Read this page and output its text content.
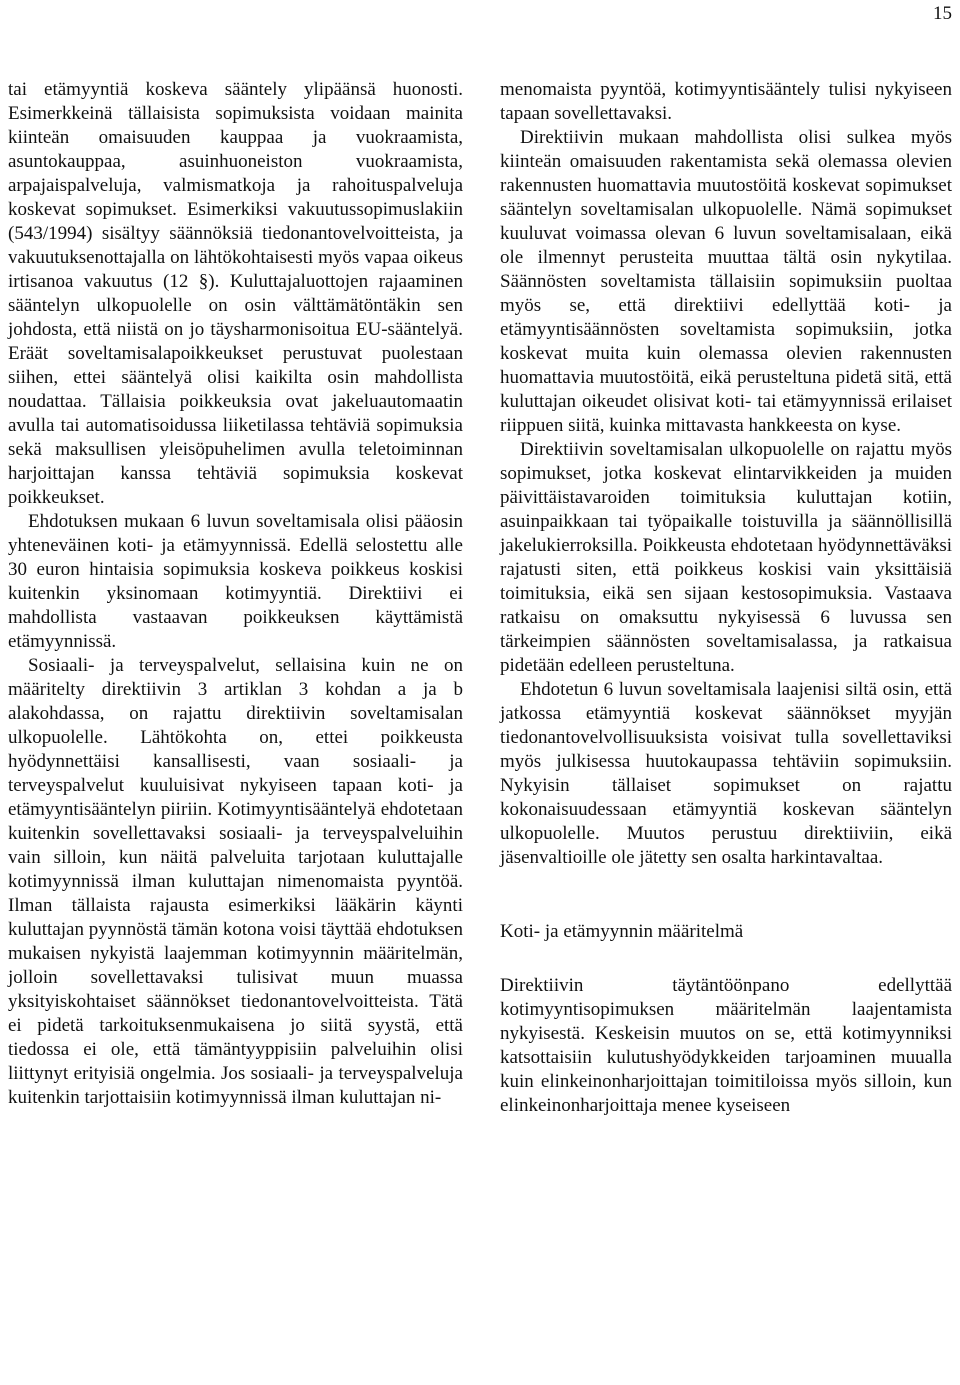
15

tai etämyyntiä koskeva sääntely ylipäänsä huonosti. Esimerkkeinä tällaisista sopimuksista voidaan mainita kiinteän omaisuuden kauppaa ja vuokraamista, asuntokauppaa, asuinhuoneiston vuokraamista, arpajaispalveluja, valmismatkoja ja rahoituspalveluja koskevat sopimukset. Esimerkiksi vakuutussopimuslakiin (543/1994) sisältyy säännöksiä tiedonantovelvoitteista, ja vakuutuksenottajalla on lähtökohtaisesti myös vapaa oikeus irtisanoa vakuutus (12 §). Kuluttajaluottojen rajaaminen sääntelyn ulkopuolelle on osin välttämätöntäkin sen johdosta, että niistä on jo täysharmonisoitua EU-sääntelyä. Eräät soveltamisalapoikkeukset perustuvat puolestaan siihen, ettei sääntelyä olisi kaikilta osin mahdollista noudattaa. Tällaisia poikkeuksia ovat jakeluautomaatin avulla tai automatisoidussa liiketilassa tehtäviä sopimuksia sekä maksullisen yleisöpuhelimen avulla teletoiminnan harjoittajan kanssa tehtäviä sopimuksia koskevat poikkeukset.

Ehdotuksen mukaan 6 luvun soveltamisala olisi pääosin yhteneväinen koti- ja etämyynnissä. Edellä selostettu alle 30 euron hintaisia sopimuksia koskeva poikkeus koskisi kuitenkin yksinomaan kotimyyntiä. Direktiivi ei mahdollista vastaavan poikkeuksen käyttämistä etämyynnissä.

Sosiaali- ja terveyspalvelut, sellaisina kuin ne on määritelty direktiivin 3 artiklan 3 kohdan a ja b alakohdassa, on rajattu direktiivin soveltamisalan ulkopuolelle. Lähtökohta on, ettei poikkeusta hyödynnettäisi kansallisesti, vaan sosiaali- ja terveyspalvelut kuuluisivat nykyiseen tapaan koti- ja etämyyntisääntelyn piiriin. Kotimyyntisääntelyä ehdotetaan kuitenkin sovellettavaksi sosiaali- ja terveyspalveluihin vain silloin, kun näitä palveluita tarjotaan kuluttajalle kotimyynnissä ilman kuluttajan nimenomaista pyyntöä. Ilman tällaista rajausta esimerkiksi lääkärin käynti kuluttajan pyynnöstä tämän kotona voisi täyttää ehdotuksen mukaisen nykyistä laajemman kotimyynnin määritelmän, jolloin sovellettavaksi tulisivat muun muassa yksityiskohtaiset säännökset tiedonantovelvoitteista. Tätä ei pidetä tarkoituksenmukaisena jo siitä syystä, että tiedossa ei ole, että tämäntyyppisiin palveluihin olisi liittynyt erityisiä ongelmia. Jos sosiaali- ja terveyspalveluja kuitenkin tarjottaisiin kotimyynnissä ilman kuluttajan ni-

menomaista pyyntöä, kotimyyntisääntely tulisi nykyiseen tapaan sovellettavaksi.

Direktiivin mukaan mahdollista olisi sulkea myös kiinteän omaisuuden rakentamista sekä olemassa olevien rakennusten huomattavia muutostöitä koskevat sopimukset sääntelyn soveltamisalan ulkopuolelle. Nämä sopimukset kuuluvat voimassa olevan 6 luvun soveltamisalaan, eikä ole ilmennyt perusteita muuttaa tältä osin nykytilaa. Säännösten soveltamista tällaisiin sopimuksiin puoltaa myös se, että direktiivi edellyttää koti- ja etämyyntisäännösten soveltamista sopimuksiin, jotka koskevat muita kuin olemassa olevien rakennusten huomattavia muutostöitä, eikä perusteltuna pidetä sitä, että kuluttajan oikeudet olisivat koti- tai etämyynnissä erilaiset riippuen siitä, kuinka mittavasta hankkeesta on kyse.

Direktiivin soveltamisalan ulkopuolelle on rajattu myös sopimukset, jotka koskevat elintarvikkeiden ja muiden päivittäistavaroiden toimituksia kuluttajan kotiin, asuinpaikkaan tai työpaikalle toistuvilla ja säännöllisillä jakelukierroksilla. Poikkeusta ehdotetaan hyödynnettäväksi rajatusti siten, että poikkeus koskisi vain yksittäisiä toimituksia, eikä sen sijaan kestosopimuksia. Vastaava ratkaisu on omaksuttu nykyisessä 6 luvussa sen tärkeimpien säännösten soveltamisalassa, ja ratkaisua pidetään edelleen perusteltuna.

Ehdotetun 6 luvun soveltamisala laajenisi siltä osin, että jatkossa etämyyntiä koskevat säännökset myyjän tiedonantovelvollisuuksista voisivat tulla sovellettaviksi myös julkisessa huutokaupassa tehtäviin sopimuksiin. Nykyisin tällaiset sopimukset on rajattu kokonaisuudessaan etämyyntiä koskevan sääntelyn ulkopuolelle. Muutos perustuu direktiiviin, eikä jäsenvaltioille ole jätetty sen osalta harkintavaltaa.

Koti- ja etämyynnin määritelmä

Direktiivin täytäntöönpano edellyttää kotimyyntisopimuksen määritelmän laajentamista nykyisestä. Keskeisin muutos on se, että kotimyynniksi katsottaisiin kulutushyödykkeiden tarjoaminen muualla kuin elinkeinonharjoittajan toimitiloissa myös silloin, kun elinkeinonharjoittaja menee kyseiseen
